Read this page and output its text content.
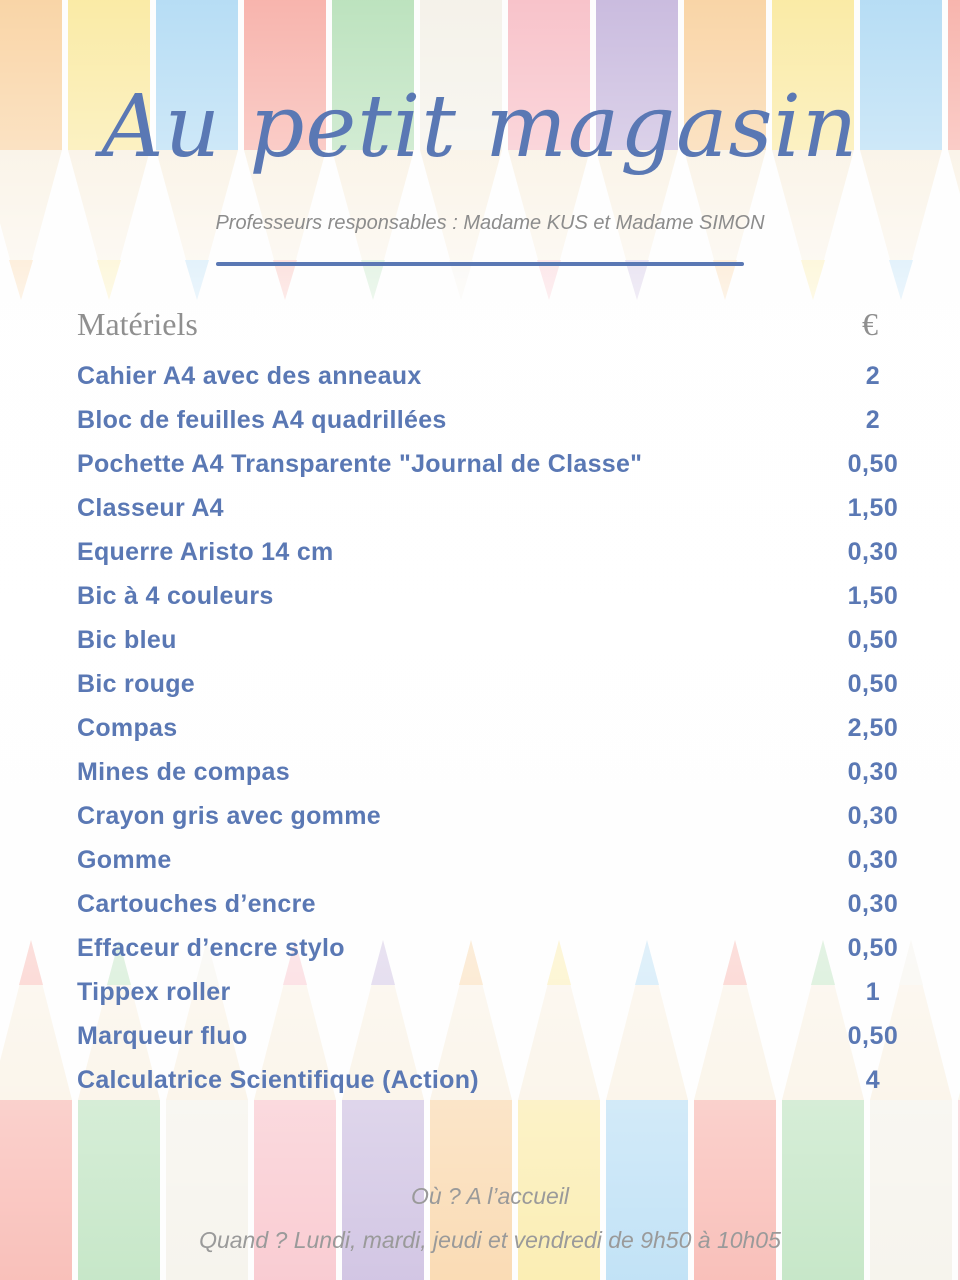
Au petit magasin
Professeurs responsables : Madame KUS et Madame SIMON
Matériels	€
Cahier A4 avec des anneaux	2
Bloc de feuilles A4 quadrillées	2
Pochette A4 Transparente "Journal de Classe"	0,50
Classeur A4	1,50
Equerre Aristo 14 cm	0,30
Bic à 4 couleurs	1,50
Bic bleu	0,50
Bic rouge	0,50
Compas	2,50
Mines de compas	0,30
Crayon gris avec gomme	0,30
Gomme	0,30
Cartouches d’encre	0,30
Effaceur d’encre stylo	0,50
Tippex roller	1
Marqueur fluo	0,50
Calculatrice Scientifique (Action)	4
Où ? A l’accueil
Quand ? Lundi, mardi, jeudi et vendredi de 9h50 à 10h05
